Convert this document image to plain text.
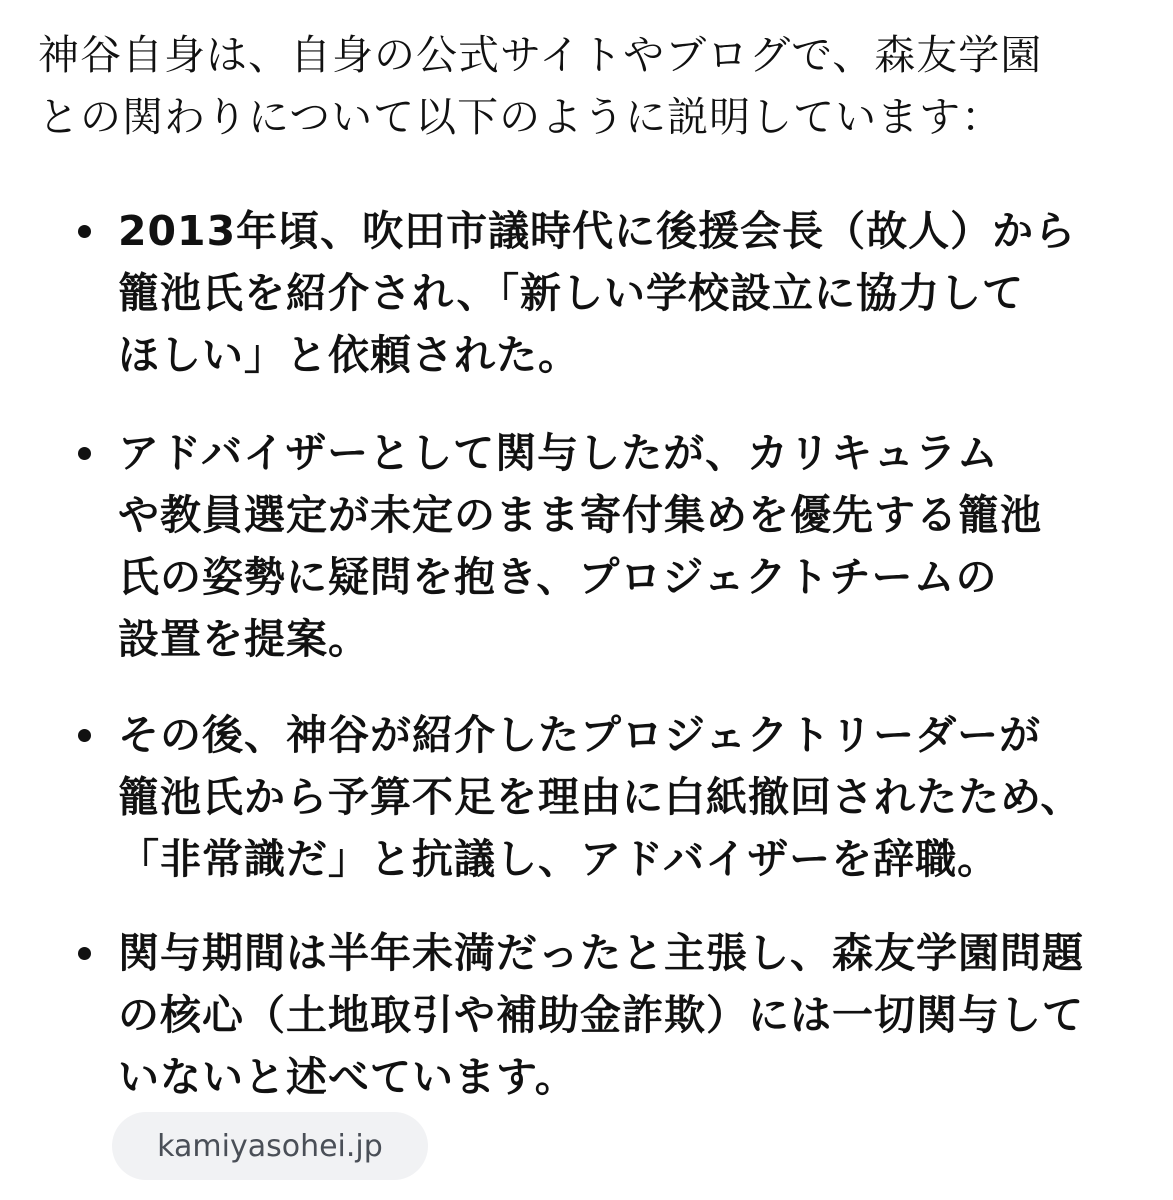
神谷自身は、自身の公式サイトやブログで、森友学園
との関わりについて以下のように説明しています：

2013年頃、吹田市議時代に後援会長（故人）から
籠池氏を紹介され、「新しい学校設立に協力して
ほしい」と依頼された。
アドバイザーとして関与したが、カリキュラム
や教員選定が未定のまま寄付集めを優先する籠池
氏の姿勢に疑問を抱き、プロジェクトチームの
設置を提案。
その後、神谷が紹介したプロジェクトリーダーが
籠池氏から予算不足を理由に白紙撤回されたため、
「非常識だ」と抗議し、アドバイザーを辞職。
関与期間は半年未満だったと主張し、森友学園問題
の核心（土地取引や補助金詐欺）には一切関与して
いないと述べています。
kamiyasohei.jp
